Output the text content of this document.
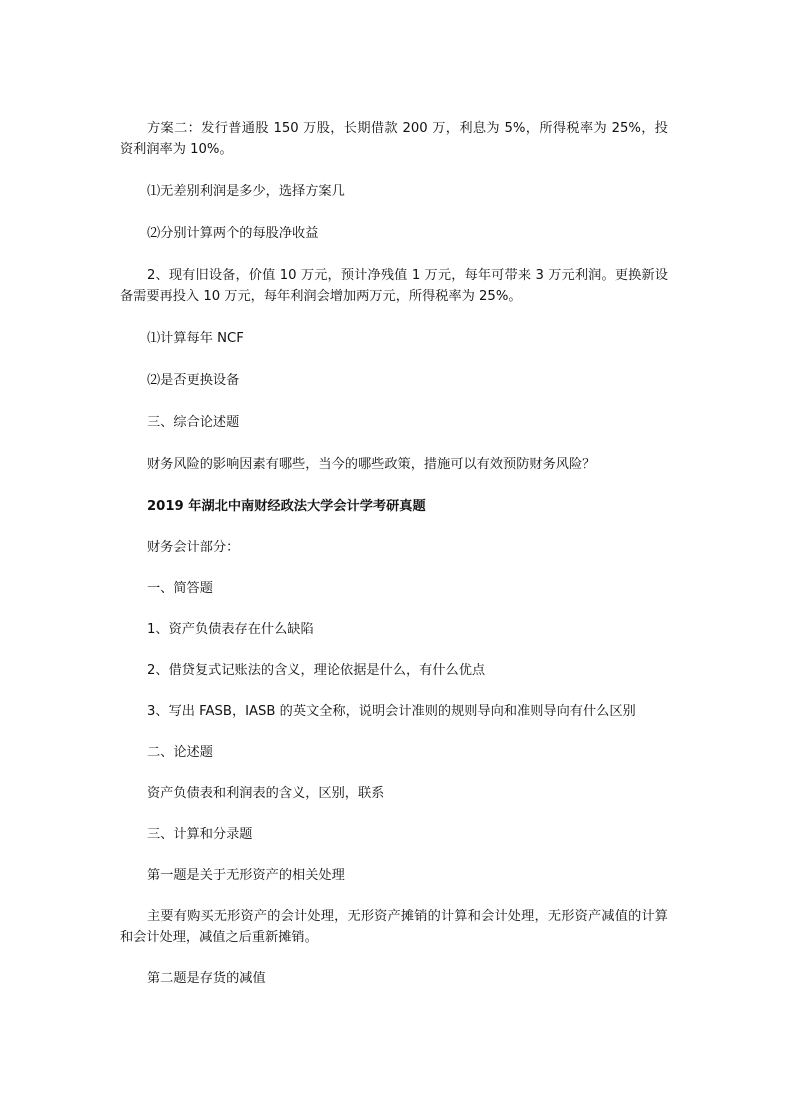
方案二：发行普通股 150 万股，长期借款 200 万，利息为 5%，所得税率为 25%，投资利润率为 10%。

⑴无差别利润是多少，选择方案几

⑵分别计算两个的每股净收益

2、现有旧设备，价值 10 万元，预计净残值 1 万元，每年可带来 3 万元利润。更换新设备需要再投入 10 万元，每年利润会增加两万元，所得税率为 25%。

⑴计算每年 NCF

⑵是否更换设备

三、综合论述题

财务风险的影响因素有哪些，当今的哪些政策，措施可以有效预防财务风险？

2019 年湖北中南财经政法大学会计学考研真题

财务会计部分：

一、简答题

1、资产负债表存在什么缺陷

2、借贷复式记账法的含义，理论依据是什么，有什么优点

3、写出 FASB，IASB 的英文全称，说明会计准则的规则导向和准则导向有什么区别

二、论述题

资产负债表和利润表的含义，区别，联系

三、计算和分录题

第一题是关于无形资产的相关处理

主要有购买无形资产的会计处理，无形资产摊销的计算和会计处理，无形资产减值的计算和会计处理，减值之后重新摊销。

第二题是存货的减值
